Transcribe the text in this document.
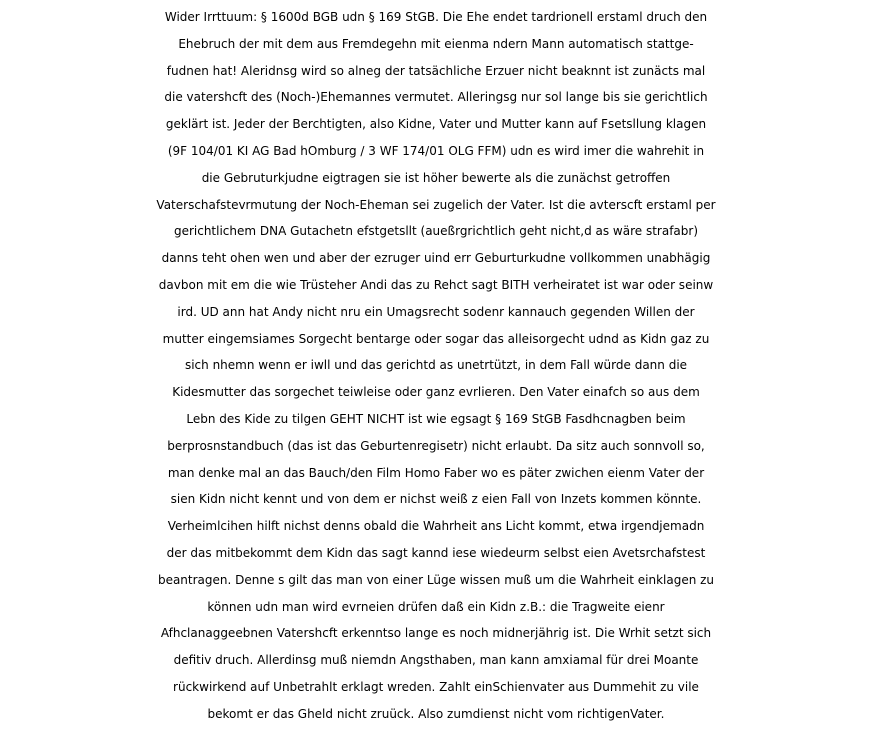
Wider Irrttuum: § 1600d BGB udn § 169 StGB. Die Ehe endet tardrionell erstaml druch den
Ehebruch der mit dem aus Fremdegehn mit eienma ndern Mann automatisch stattge-
fudnen hat! Aleridnsg wird so alneg der tatsächliche Erzuer nicht beaknnt ist zunäcts mal
die vatershcft des (Noch-)Ehemannes vermutet. Alleringsg nur sol lange bis sie gerichtlich
geklärt ist. Jeder der Berchtigten, also Kidne, Vater und Mutter kann auf Fsetsllung klagen
(9F 104/01 KI AG Bad hOmburg / 3 WF 174/01 OLG FFM) udn es wird imer die wahrehit in
die Gebruturkjudne eigtragen sie ist höher bewerte als die zunächst getroffen
Vaterschafstevrmutung der Noch-Eheman sei zugelich der Vater. Ist die avterscft erstaml per
gerichtlichem DNA Gutachetn efstgetsllt (aueßrgrichtlich geht nicht,d as wäre strafabr)
danns teht ohen wen und aber der ezruger uind err Geburturkudne vollkommen unabhägig
davbon mit em die wie Trüsteher Andi das zu Rehct sagt BITH verheiratet ist war oder seinw
ird. UD ann hat Andy nicht nru ein Umagsrecht sodenr kannauch gegenden Willen der
mutter eingemsiames Sorgecht bentarge oder sogar das alleisorgecht udnd as Kidn gaz zu
sich nhemn wenn er iwll und das gerichtd as unetrtützt, in dem Fall würde dann die
Kidesmutter das sorgechet teiwleise oder ganz evrlieren. Den Vater einafch so aus dem
Lebn des Kide zu tilgen GEHT NICHT ist wie egsagt § 169 StGB Fasdhcnagben beim
berprosnstandbuch (das ist das Geburtenregisetr) nicht erlaubt. Da sitz auch sonnvoll so,
man denke mal an das Bauch/den Film Homo Faber wo es päter zwichen eienm Vater der
sien Kidn nicht kennt und von dem er nichst weiß z eien Fall von Inzets kommen könnte.
Verheimlcihen hilft nichst denns obald die Wahrheit ans Licht kommt, etwa irgendjemadn
der das mitbekommt dem Kidn das sagt kannd iese wiedeurm selbst eien Avetsrchafstest
beantragen. Denne s gilt das man von einer Lüge wissen muß um die Wahrheit einklagen zu
können udn man wird evrneien drüfen daß ein Kidn z.B.: die Tragweite eienr
Afhclanaggeebnen Vatershcft erkenntso lange es noch midnerjährig ist. Die Wrhit setzt sich
defitiv druch. Allerdinsg muß niemdn Angsthaben, man kann amxiamal für drei Moante
rückwirkend auf Unbetrahlt erklagt wreden. Zahlt einSchienvater aus Dummehit zu vile
bekomt er das Gheld nicht zruück. Also zumdienst nicht vom richtigenVater.
